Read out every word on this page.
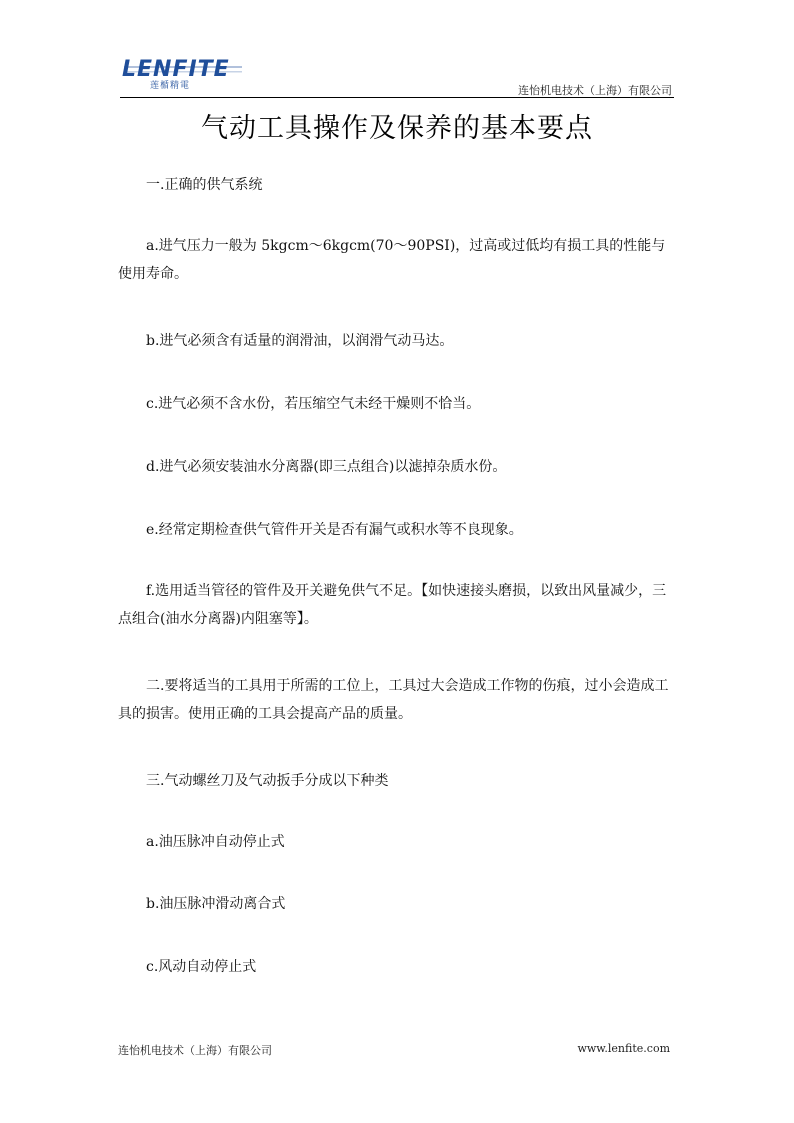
LENFITE
莲楯精電	连怡机电技术（上海）有限公司
气动工具操作及保养的基本要点

一.正确的供气系统

a.进气压力一般为 5kgcm～6kgcm(70～90PSI)，过高或过低均有损工具的性能与使用寿命。

b.进气必须含有适量的润滑油，以润滑气动马达。

c.进气必须不含水份，若压缩空气未经干燥则不恰当。

d.进气必须安装油水分离器(即三点组合)以滤掉杂质水份。

e.经常定期检查供气管件开关是否有漏气或积水等不良现象。

f.选用适当管径的管件及开关避免供气不足。【如快速接头磨损，以致出风量减少，三点组合(油水分离器)内阻塞等】。

二.要将适当的工具用于所需的工位上，工具过大会造成工作物的伤痕，过小会造成工具的损害。使用正确的工具会提高产品的质量。

三.气动螺丝刀及气动扳手分成以下种类

a.油压脉冲自动停止式

b.油压脉冲滑动离合式

c.风动自动停止式

连怡机电技术（上海）有限公司	www.lenfite.com
